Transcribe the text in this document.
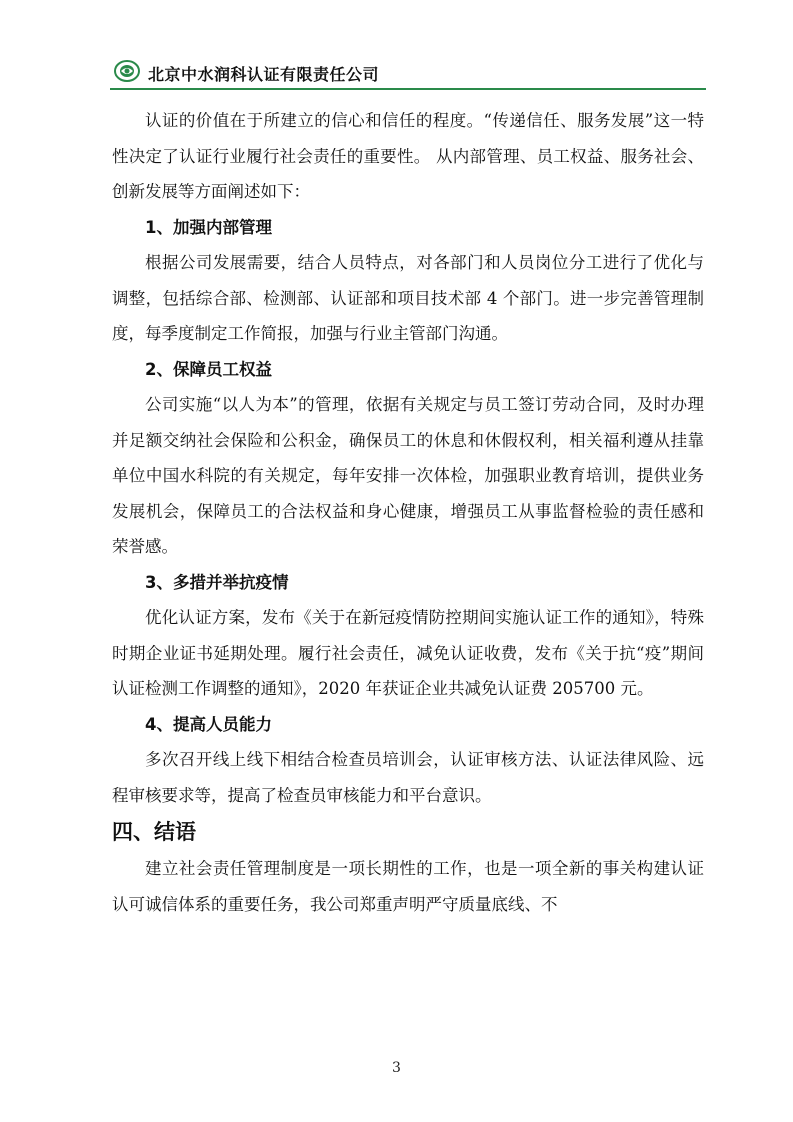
北京中水润科认证有限责任公司

认证的价值在于所建立的信心和信任的程度。“传递信任、服务发展”这一特性决定了认证行业履行社会责任的重要性。 从内部管理、员工权益、服务社会、创新发展等方面阐述如下：

1、加强内部管理

根据公司发展需要，结合人员特点，对各部门和人员岗位分工进行了优化与调整，包括综合部、检测部、认证部和项目技术部 4 个部门。进一步完善管理制度，每季度制定工作简报，加强与行业主管部门沟通。

2、保障员工权益

公司实施“以人为本”的管理，依据有关规定与员工签订劳动合同，及时办理并足额交纳社会保险和公积金，确保员工的休息和休假权利，相关福利遵从挂靠单位中国水科院的有关规定，每年安排一次体检，加强职业教育培训，提供业务发展机会，保障员工的合法权益和身心健康，增强员工从事监督检验的责任感和荣誉感。

3、多措并举抗疫情

优化认证方案，发布《关于在新冠疫情防控期间实施认证工作的通知》，特殊时期企业证书延期处理。履行社会责任，减免认证收费，发布《关于抗“疫”期间认证检测工作调整的通知》，2020 年获证企业共减免认证费 205700 元。

4、提高人员能力

多次召开线上线下相结合检查员培训会，认证审核方法、认证法律风险、远程审核要求等，提高了检查员审核能力和平台意识。

四、结语

建立社会责任管理制度是一项长期性的工作，也是一项全新的事关构建认证认可诚信体系的重要任务，我公司郑重声明严守质量底线、不

3
